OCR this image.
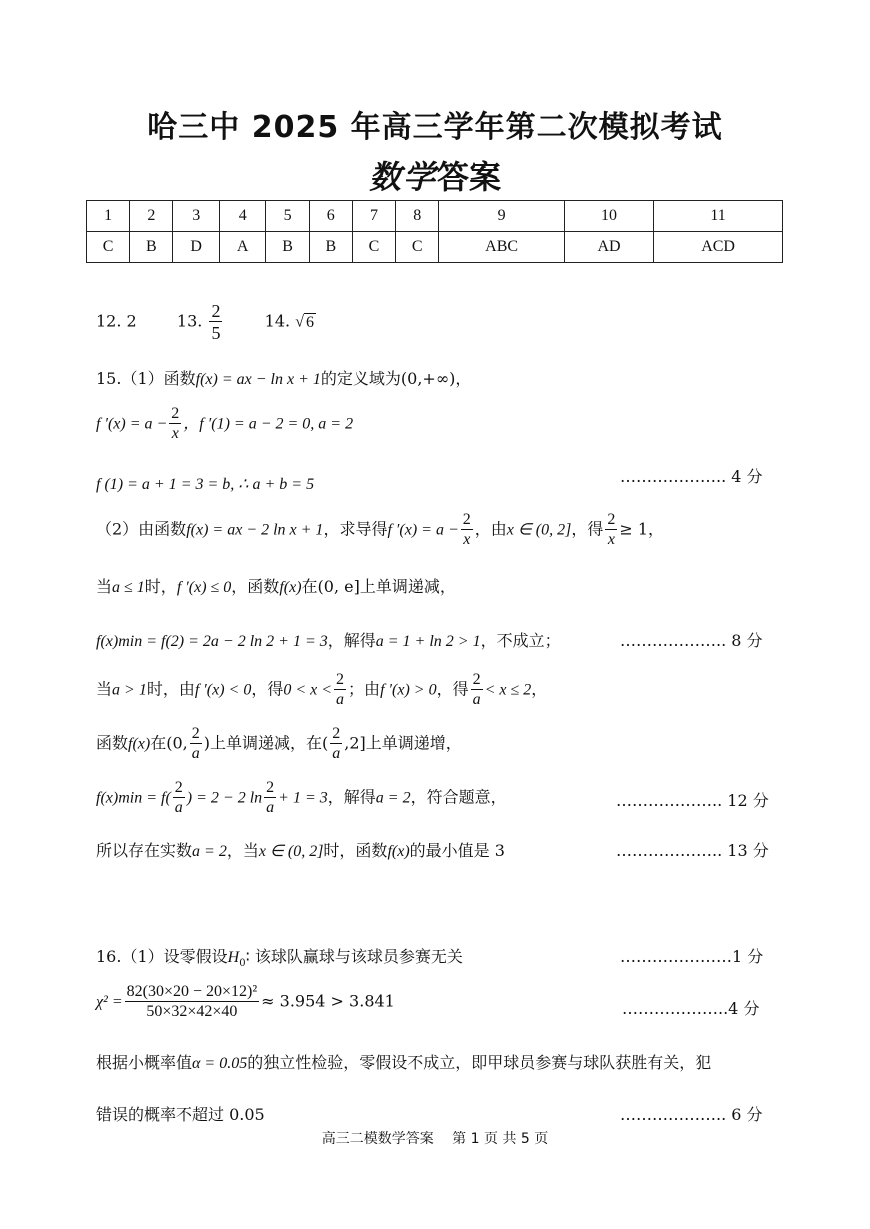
哈三中 2025 年高三学年第二次模拟考试
数学答案
1	2	3	4	5	6	7	8	9	10	11
C	B	D	A	B	B	C	C	ABC	AD	ACD
12. 2	13. $\frac{2}{5}$	14. √ 6
15.（1）函数f(x) = ax − ln x + 1的定义域为(0,+∞)，
f $'(x) = a - \frac{2}{x}$ ，f ′(1) = a − 2 = 0, a = 2
f (1) = a + 1 = 3 = b, ∴ a + b = 5	……………….. 4 分
（2）由函数f(x) = ax − 2 ln x + 1，求导得f $'(x) = a - \frac{2}{x}$ ，由x ∈ (0, 2]，得 $\frac{2}{x} \ge 1$，
当a ≤ 1时，f ′(x) ≤ 0，函数f(x)在(0, e]上单调递减，
f(x)min = f(2) = 2a − 2 ln 2 + 1 = 3，解得a = 1 + ln 2 > 1，不成立；	……………….. 8 分
当a > 1时，由f ′(x) < 0，得$0 < x < \frac{2}{a}$ ；由f ′(x) > 0，得 $\frac{2}{a} < x \le 2$，
函数f(x)在(0, $\frac{2}{a}$ )上单调递减，在( $\frac{2}{a} ,2$]上单调递增，
$f(x)\min = f( \frac{2}{a}$ ) = 2 − 2 $\ln \frac{2}{a} + 1 = 3$，解得a = 2，符合题意，	……………….. 12 分
所以存在实数a = 2，当x ∈ (0, 2]时，函数f(x)的最小值是 3	……………….. 13 分
16.（1）设零假设$H_0∶$ 该球队赢球与该球员参赛无关	…………………1 分
$\chi^2 = \frac{\text{82(30×20 − 20×12)²}}{50\times 32\times 42\times 40} \approx 3.954 > 3.841$	………………..4 分
根据小概率值α = 0.05的独立性检验，零假设不成立，即甲球员参赛与球队获胜有关，犯
错误的概率不超过 0.05	……………….. 6 分
高三二模数学答案　 第 1 页 共 5 页
